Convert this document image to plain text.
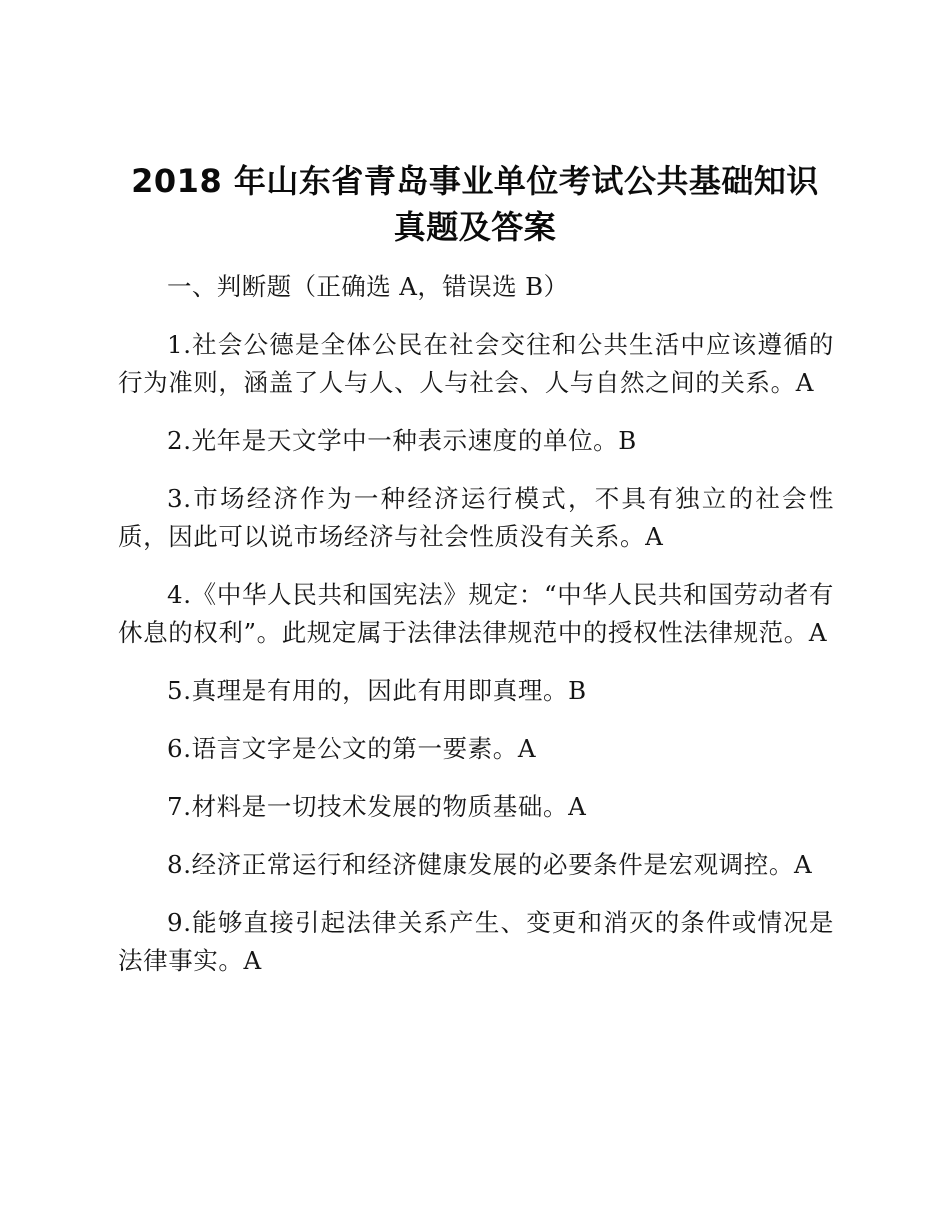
2018 年山东省青岛事业单位考试公共基础知识
真题及答案

一、判断题（正确选 A，错误选 B）

1.社会公德是全体公民在社会交往和公共生活中应该遵循的行为准则，涵盖了人与人、人与社会、人与自然之间的关系。A

2.光年是天文学中一种表示速度的单位。B

3.市场经济作为一种经济运行模式，不具有独立的社会性质，因此可以说市场经济与社会性质没有关系。A

4.《中华人民共和国宪法》规定：“中华人民共和国劳动者有休息的权利”。此规定属于法律法律规范中的授权性法律规范。A

5.真理是有用的，因此有用即真理。B

6.语言文字是公文的第一要素。A

7.材料是一切技术发展的物质基础。A

8.经济正常运行和经济健康发展的必要条件是宏观调控。A

9.能够直接引起法律关系产生、变更和消灭的条件或情况是法律事实。A
